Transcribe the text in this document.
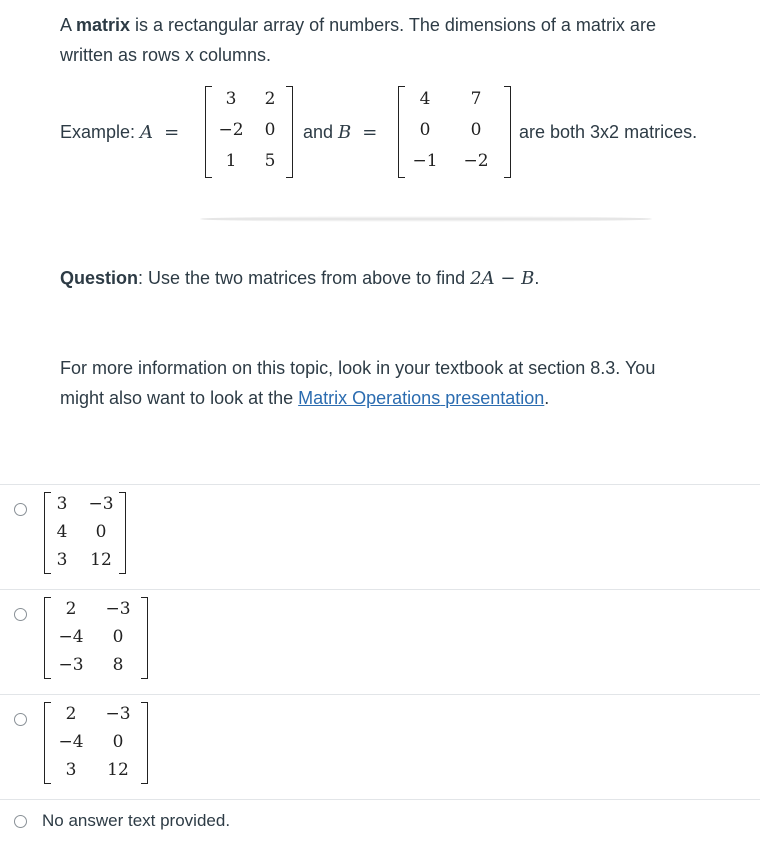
A matrix is a rectangular array of numbers. The dimensions of a matrix are
written as rows x columns.
Example: A =
3	2
−2	0
1	5
and B =
4	7
0	0
−1	−2
are both 3x2 matrices.
Question: Use the two matrices from above to find 2A − B.
For more information on this topic, look in your textbook at section 8.3. You
might also want to look at the Matrix Operations presentation.
3 −3
4	0
3	12
2	−3
−4	0
−3	8
2	−3
−4	0
3	12
No answer text provided.
